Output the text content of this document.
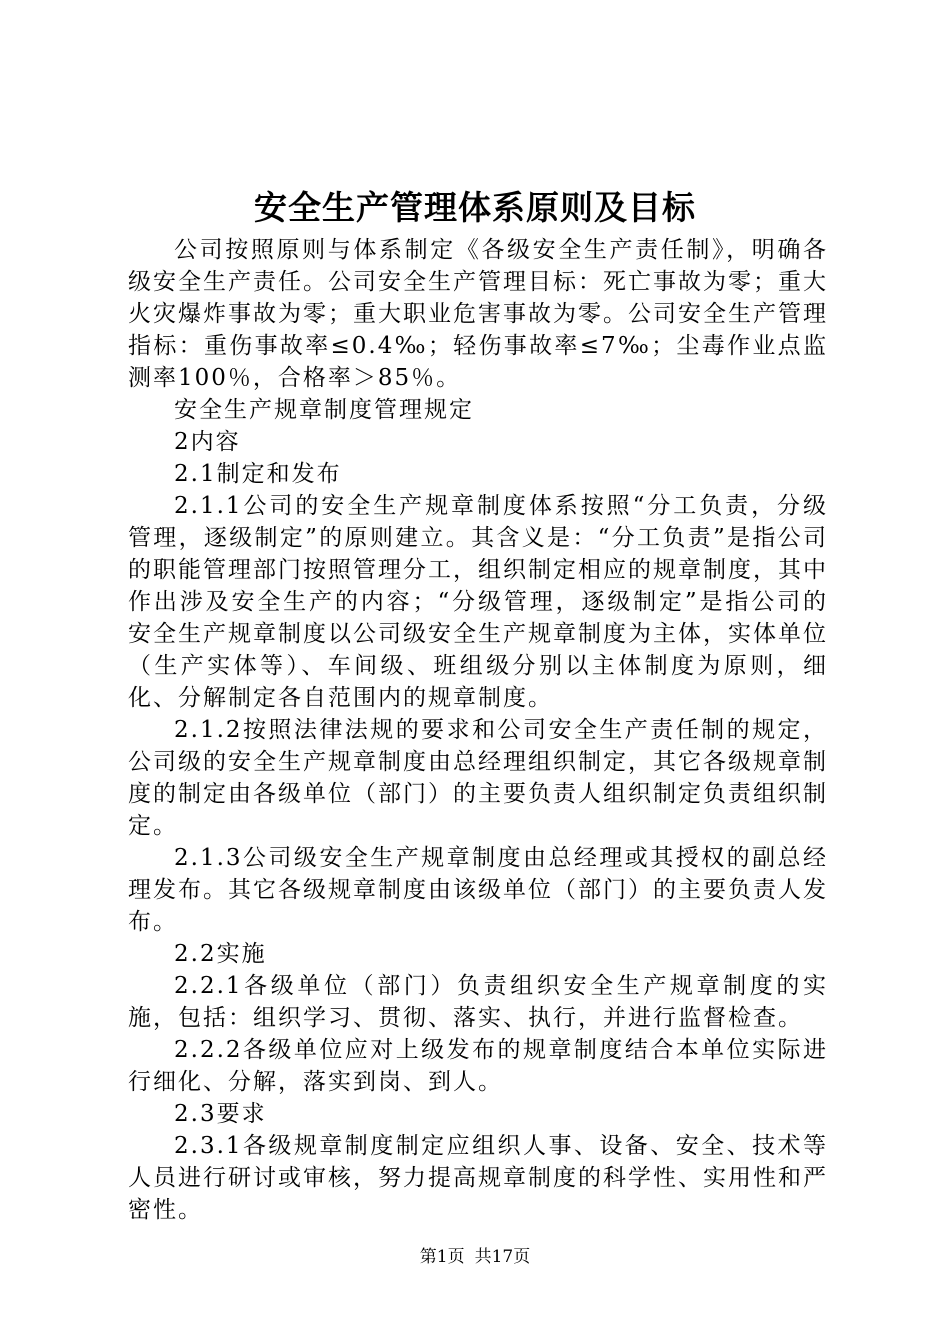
安全生产管理体系原则及目标

公司按照原则与体系制定《各级安全生产责任制》，明确各级安全生产责任。公司安全生产管理目标：死亡事故为零；重大火灾爆炸事故为零；重大职业危害事故为零。公司安全生产管理指标：重伤事故率≤0.4‰；轻伤事故率≤7‰；尘毒作业点监测率100％，合格率＞85％。

安全生产规章制度管理规定

2内容

2.1制定和发布

2.1.1公司的安全生产规章制度体系按照“分工负责，分级管理，逐级制定”的原则建立。其含义是：“分工负责”是指公司的职能管理部门按照管理分工，组织制定相应的规章制度，其中作出涉及安全生产的内容；“分级管理，逐级制定”是指公司的安全生产规章制度以公司级安全生产规章制度为主体，实体单位（生产实体等）、车间级、班组级分别以主体制度为原则，细化、分解制定各自范围内的规章制度。

2.1.2按照法律法规的要求和公司安全生产责任制的规定，公司级的安全生产规章制度由总经理组织制定，其它各级规章制度的制定由各级单位（部门）的主要负责人组织制定负责组织制定。

2.1.3公司级安全生产规章制度由总经理或其授权的副总经理发布。其它各级规章制度由该级单位（部门）的主要负责人发布。

2.2实施

2.2.1各级单位（部门）负责组织安全生产规章制度的实施，包括：组织学习、贯彻、落实、执行，并进行监督检查。

2.2.2各级单位应对上级发布的规章制度结合本单位实际进行细化、分解，落实到岗、到人。

2.3要求

2.3.1各级规章制度制定应组织人事、设备、安全、技术等人员进行研讨或审核，努力提高规章制度的科学性、实用性和严密性。

第1页 共17页
